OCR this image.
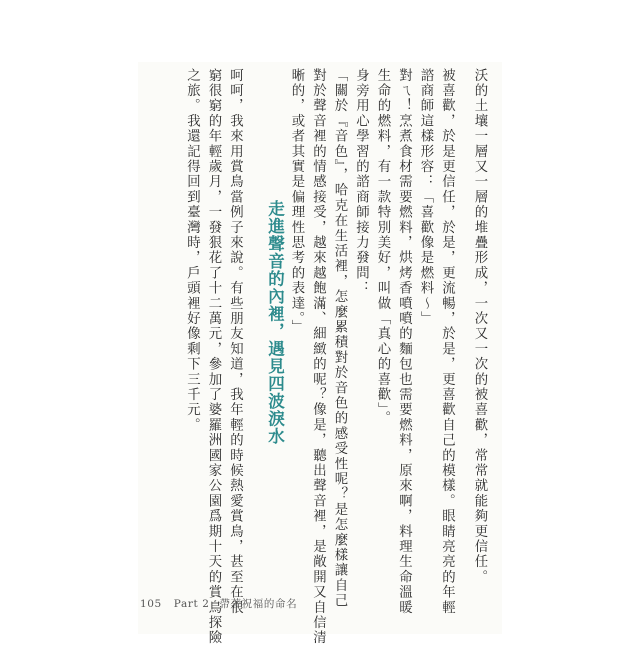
沃的土壤一層又一層的堆疊形成，一次又一次的被喜歡，常常就能夠更信任。
被喜歡，於是更信任，於是，更流暢，於是，更喜歡自己的模樣。眼睛亮亮的年輕
諮商師這樣形容：「喜歡像是燃料～」
對ㄟ！烹煮食材需要燃料，烘烤香噴噴的麵包也需要燃料，原來啊，料理生命溫暖
生命的燃料，有一款特別美好，叫做「真心的喜歡」。
身旁用心學習的諮商師接力發問：
「關於『音色』，哈克在生活裡，怎麼累積對於音色的感受性呢？是怎麼樣讓自己
對於聲音裡的情感接受，越來越飽滿、細緻的呢？像是，聽出聲音裡，是敞開又自信清
晰的，或者其實是偏理性思考的表達。」
走進聲音的內裡，遇見四波淚水
呵呵，我來用賞鳥當例子來說。有些朋友知道，我年輕的時候熱愛賞鳥，甚至在很
窮很窮的年輕歲月，一發狠花了十二萬元，參加了婆羅洲國家公園爲期十天的賞鳥探險
之旅。我還記得回到臺灣時，戶頭裡好像剩下三千元。
105 Part 2 帶著祝福的命名
